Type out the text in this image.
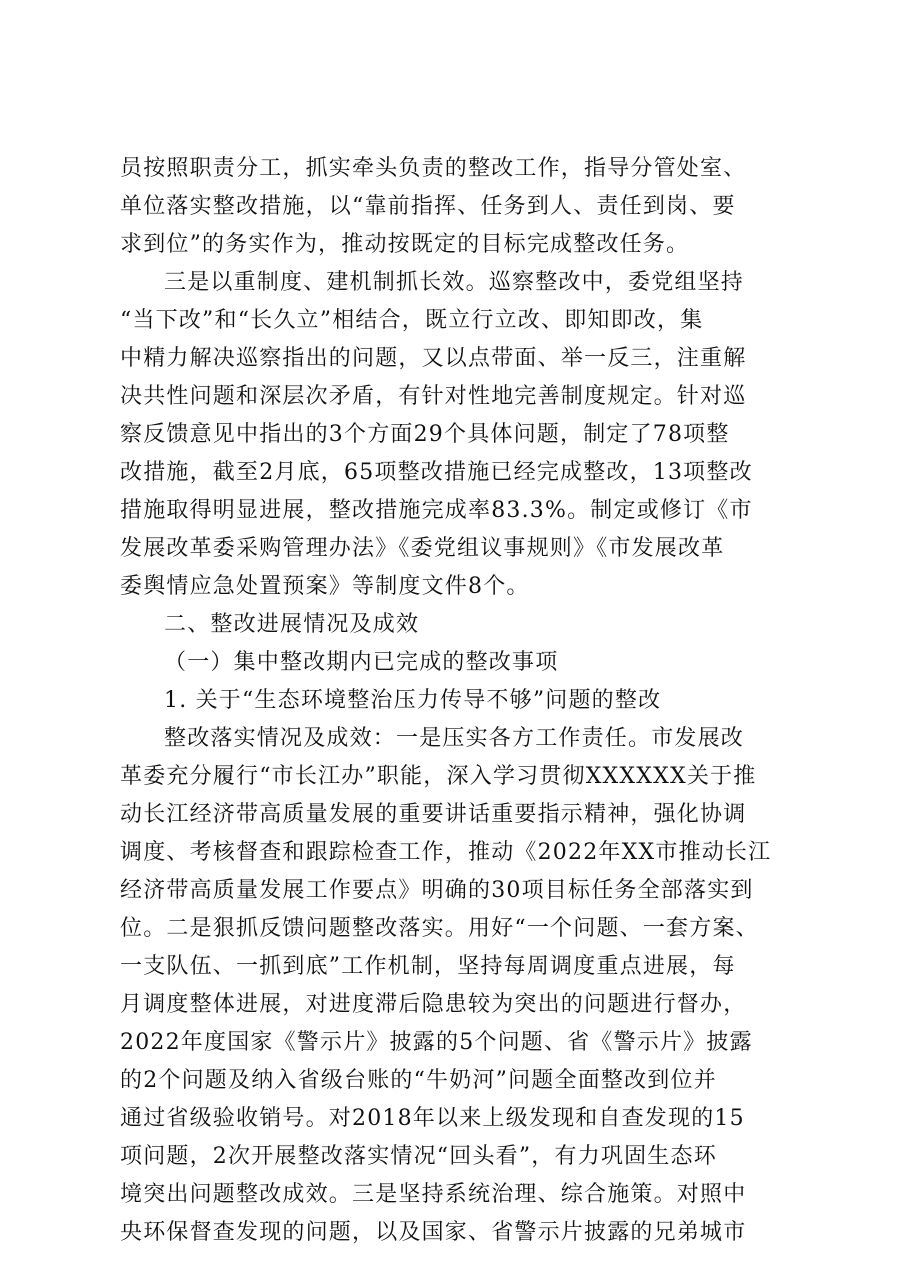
员按照职责分工，抓实牵头负责的整改工作，指导分管处室、
单位落实整改措施，以“靠前指挥、任务到人、责任到岗、要
求到位”的务实作为，推动按既定的目标完成整改任务。
三是以重制度、建机制抓长效。巡察整改中，委党组坚持
“当下改”和“长久立”相结合，既立行立改、即知即改，集
中精力解决巡察指出的问题，又以点带面、举一反三，注重解
决共性问题和深层次矛盾，有针对性地完善制度规定。针对巡
察反馈意见中指出的3个方面29个具体问题，制定了78项整
改措施，截至2月底，65项整改措施已经完成整改，13项整改
措施取得明显进展，整改措施完成率83.3%。制定或修订《市
发展改革委采购管理办法》《委党组议事规则》《市发展改革
委舆情应急处置预案》等制度文件8个。
二、整改进展情况及成效
（一）集中整改期内已完成的整改事项
1. 关于“生态环境整治压力传导不够”问题的整改
整改落实情况及成效：一是压实各方工作责任。市发展改
革委充分履行“市长江办”职能，深入学习贯彻XXXXXX关于推
动长江经济带高质量发展的重要讲话重要指示精神，强化协调
调度、考核督查和跟踪检查工作，推动《2022年XX市推动长江
经济带高质量发展工作要点》明确的30项目标任务全部落实到
位。二是狠抓反馈问题整改落实。用好“一个问题、一套方案、
一支队伍、一抓到底”工作机制，坚持每周调度重点进展，每
月调度整体进展，对进度滞后隐患较为突出的问题进行督办，
2022年度国家《警示片》披露的5个问题、省《警示片》披露
的2个问题及纳入省级台账的“牛奶河”问题全面整改到位并
通过省级验收销号。对2018年以来上级发现和自查发现的15
项问题，2次开展整改落实情况“回头看”，有力巩固生态环
境突出问题整改成效。三是坚持系统治理、综合施策。对照中
央环保督查发现的问题，以及国家、省警示片披露的兄弟城市
